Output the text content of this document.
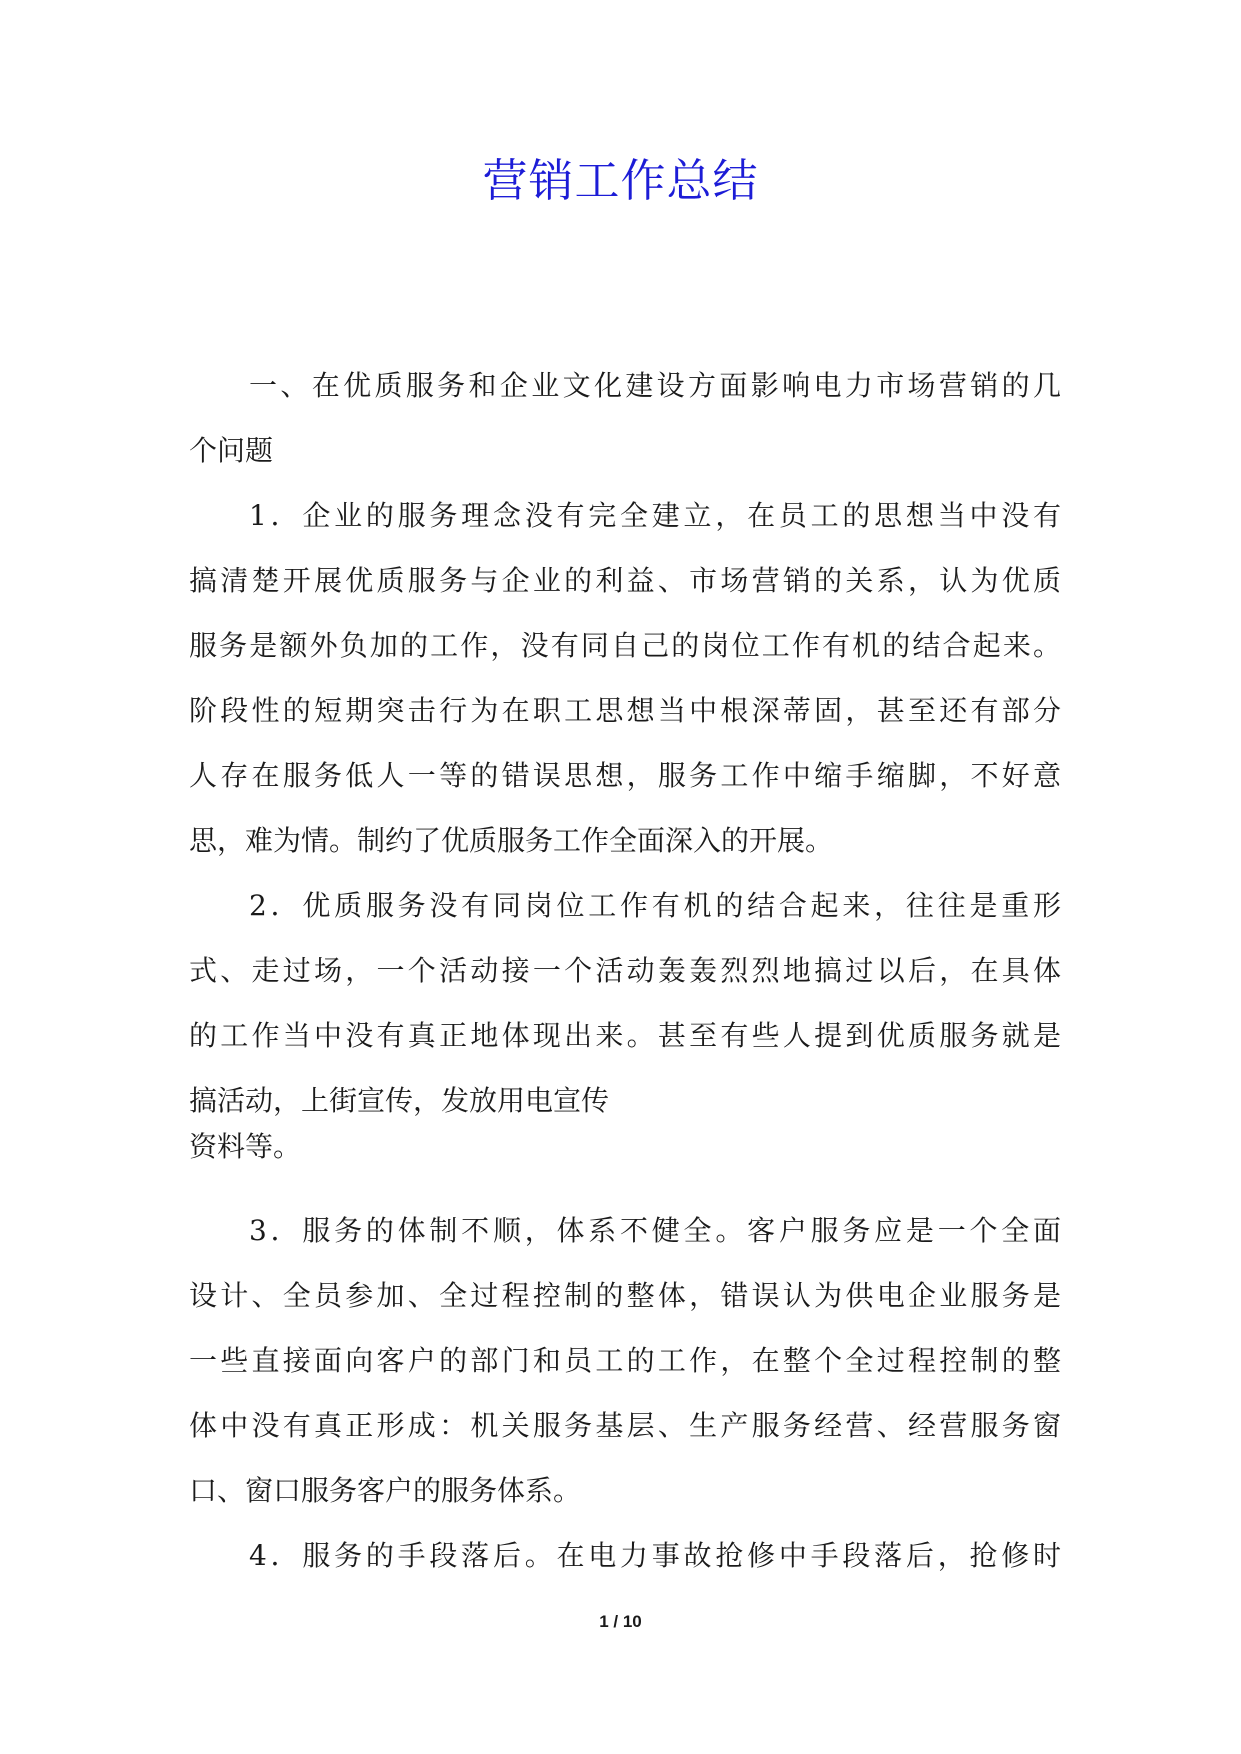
营销工作总结
一、在优质服务和企业文化建设方面影响电力市场营销的几
个问题
1．企业的服务理念没有完全建立，在员工的思想当中没有
搞清楚开展优质服务与企业的利益、市场营销的关系，认为优质
服务是额外负加的工作，没有同自己的岗位工作有机的结合起来。
阶段性的短期突击行为在职工思想当中根深蒂固，甚至还有部分
人存在服务低人一等的错误思想，服务工作中缩手缩脚，不好意
思，难为情。制约了优质服务工作全面深入的开展。
2．优质服务没有同岗位工作有机的结合起来，往往是重形
式、走过场，一个活动接一个活动轰轰烈烈地搞过以后，在具体
的工作当中没有真正地体现出来。甚至有些人提到优质服务就是
搞活动，上街宣传，发放用电宣传
资料等。
3．服务的体制不顺，体系不健全。客户服务应是一个全面
设计、全员参加、全过程控制的整体，错误认为供电企业服务是
一些直接面向客户的部门和员工的工作，在整个全过程控制的整
体中没有真正形成：机关服务基层、生产服务经营、经营服务窗
口、窗口服务客户的服务体系。
4．服务的手段落后。在电力事故抢修中手段落后，抢修时
1 / 10
